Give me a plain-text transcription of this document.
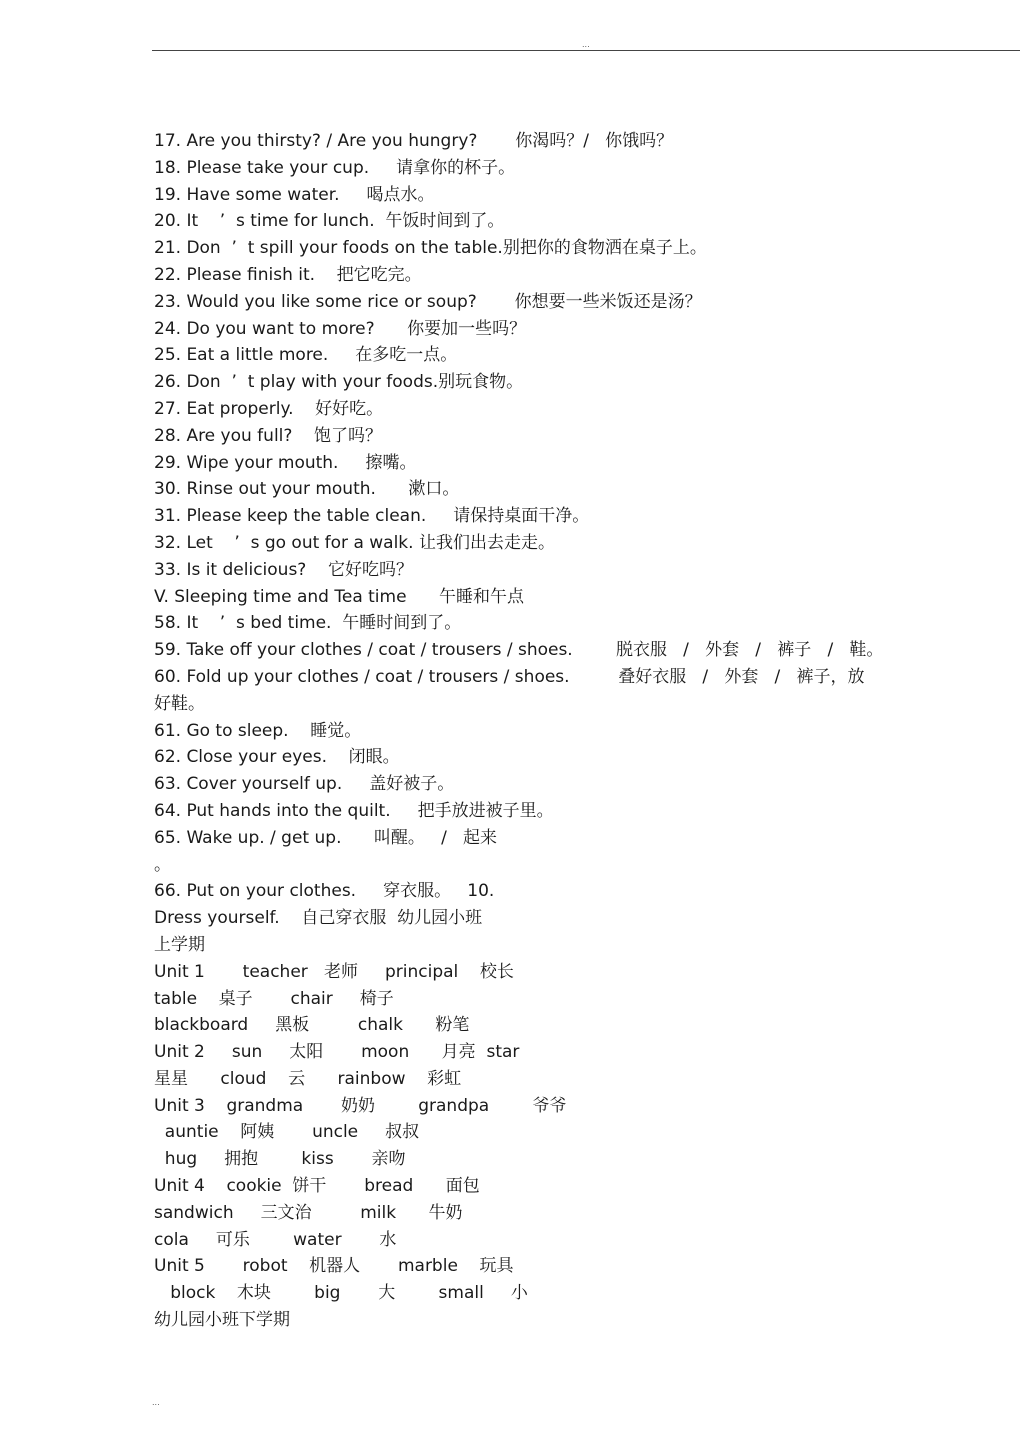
...
17. Are you thirsty? / Are you hungry?       你渴吗？/   你饿吗？
18. Please take your cup.     请拿你的杯子。
19. Have some water.     喝点水。
20. It    ’  s time for lunch.  午饭时间到了。
21. Don  ’  t spill your foods on the table.别把你的食物洒在桌子上。
22. Please finish it.    把它吃完。
23. Would you like some rice or soup?       你想要一些米饭还是汤？
24. Do you want to more?      你要加一些吗？
25. Eat a little more.     在多吃一点。
26. Don  ’  t play with your foods.别玩食物。
27. Eat properly.    好好吃。
28. Are you full?    饱了吗？
29. Wipe your mouth.     擦嘴。
30. Rinse out your mouth.      漱口。
31. Please keep the table clean.     请保持桌面干净。
32. Let    ’  s go out for a walk. 让我们出去走走。
33. Is it delicious?    它好吃吗？
V. Sleeping time and Tea time      午睡和午点
58. It    ’  s bed time.  午睡时间到了。
59. Take off your clothes / coat / trousers / shoes.        脱衣服   /   外套   /   裤子   /   鞋。
60. Fold up your clothes / coat / trousers / shoes.         叠好衣服   /   外套   /   裤子，放
好鞋。
61. Go to sleep.    睡觉。
62. Close your eyes.    闭眼。
63. Cover yourself up.     盖好被子。
64. Put hands into the quilt.     把手放进被子里。
65. Wake up. / get up.      叫醒。   /   起来
。
66. Put on your clothes.     穿衣服。   10.
Dress yourself.    自己穿衣服  幼儿园小班
上学期
Unit 1       teacher   老师     principal    校长
table    桌子       chair     椅子
blackboard     黑板         chalk      粉笔
Unit 2     sun     太阳       moon      月亮  star
星星      cloud    云      rainbow    彩虹
Unit 3    grandma       奶奶        grandpa        爷爷
auntie    阿姨       uncle     叔叔
hug     拥抱        kiss       亲吻
Unit 4    cookie  饼干       bread      面包
sandwich     三文治         milk      牛奶
cola     可乐        water       水
Unit 5       robot    机器人       marble    玩具
block    木块        big       大        small     小
幼儿园小班下学期
...
